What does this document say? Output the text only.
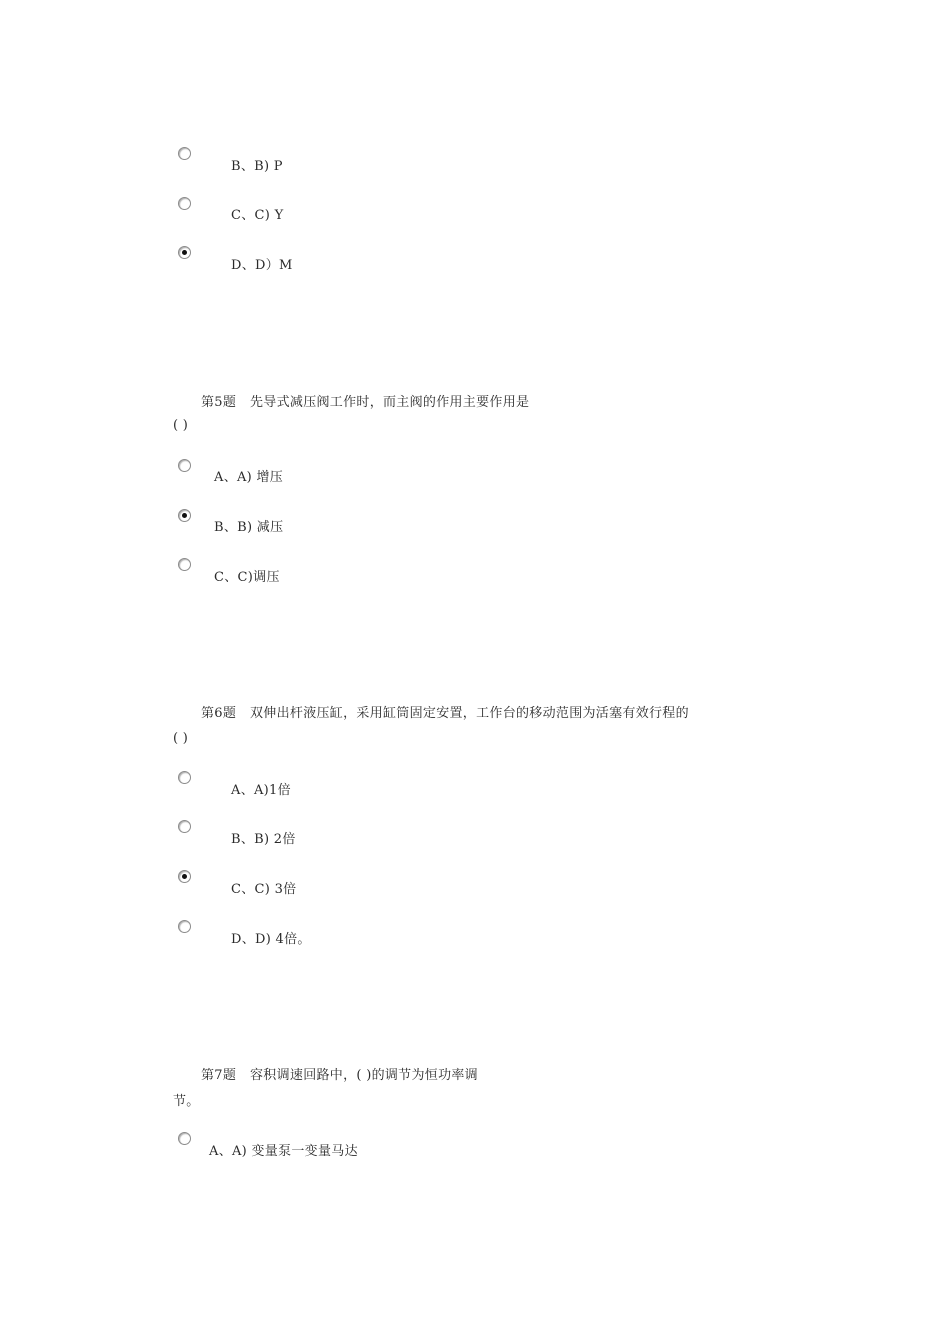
B、B) P
C、C) Y
D、D）M
第5题 先导式减压阀工作时，而主阀的作用主要作用是
( )
A、A) 增压
B、B) 减压
C、C)调压
第6题 双伸出杆液压缸，采用缸筒固定安置，工作台的移动范围为活塞有效行程的
( )
A、A)1倍
B、B) 2倍
C、C) 3倍
D、D) 4倍。
第7题 容积调速回路中，( )的调节为恒功率调
节。
A、A) 变量泵一变量马达
